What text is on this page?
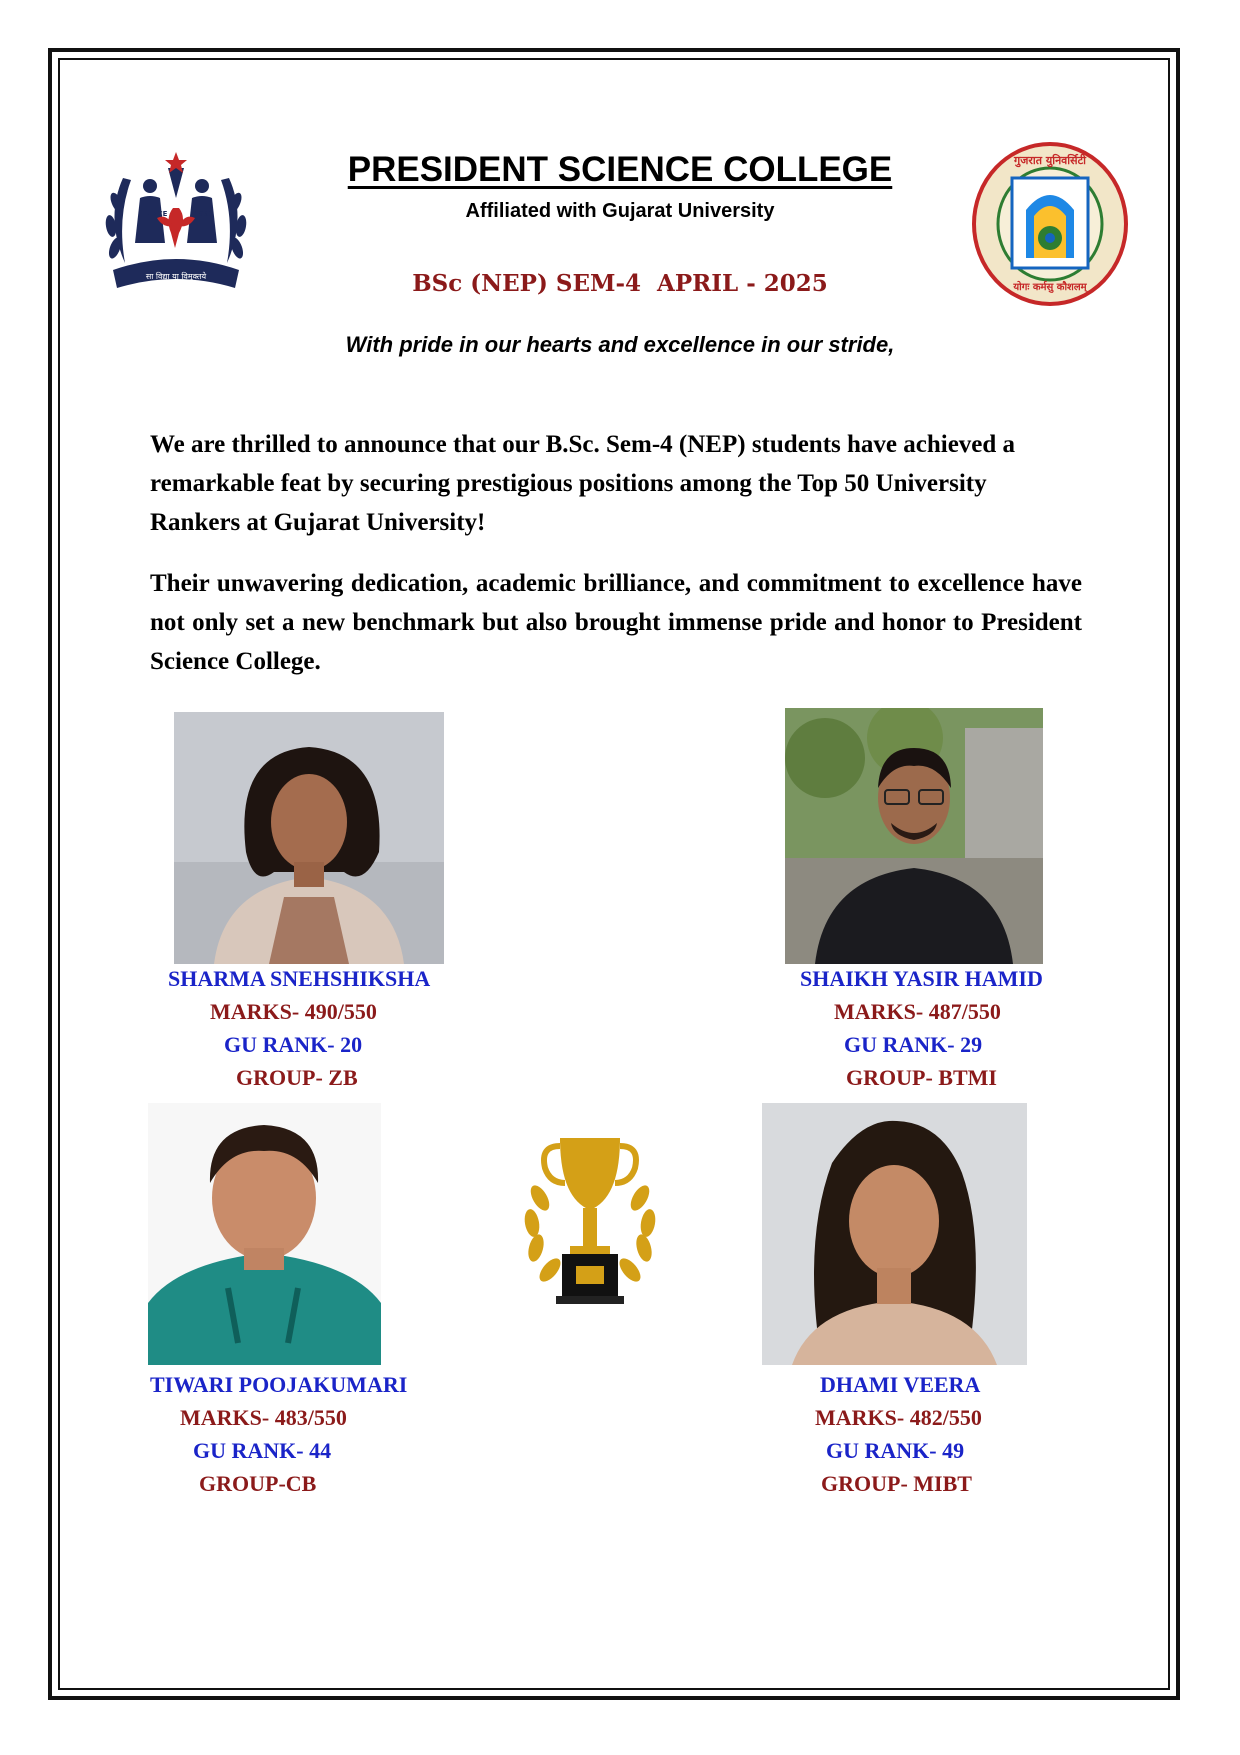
SINCE	1991
सा विद्या या विमुक्तये
गुजरात युनिवर्सिटी
योगः कर्मसु कौशलम्
PRESIDENT SCIENCE COLLEGE
Affiliated with Gujarat University
BSc (NEP) SEM-4  APRIL - 2025
With pride in our hearts and excellence in our stride,
We are thrilled to announce that our B.Sc. Sem-4 (NEP) students have achieved a remarkable feat by securing prestigious positions among the Top 50 University Rankers at Gujarat University!
Their unwavering dedication, academic brilliance, and commitment to excellence have not only set a new benchmark but also brought immense pride and honor to President Science College.
SHARMA SNEHSHIKSHA
MARKS- 490/550
GU RANK- 20
GROUP- ZB
SHAIKH YASIR HAMID
MARKS- 487/550
GU RANK- 29
GROUP- BTMI
TIWARI POOJAKUMARI
MARKS- 483/550
GU RANK- 44
GROUP-CB
DHAMI VEERA
MARKS- 482/550
GU RANK- 49
GROUP- MIBT
